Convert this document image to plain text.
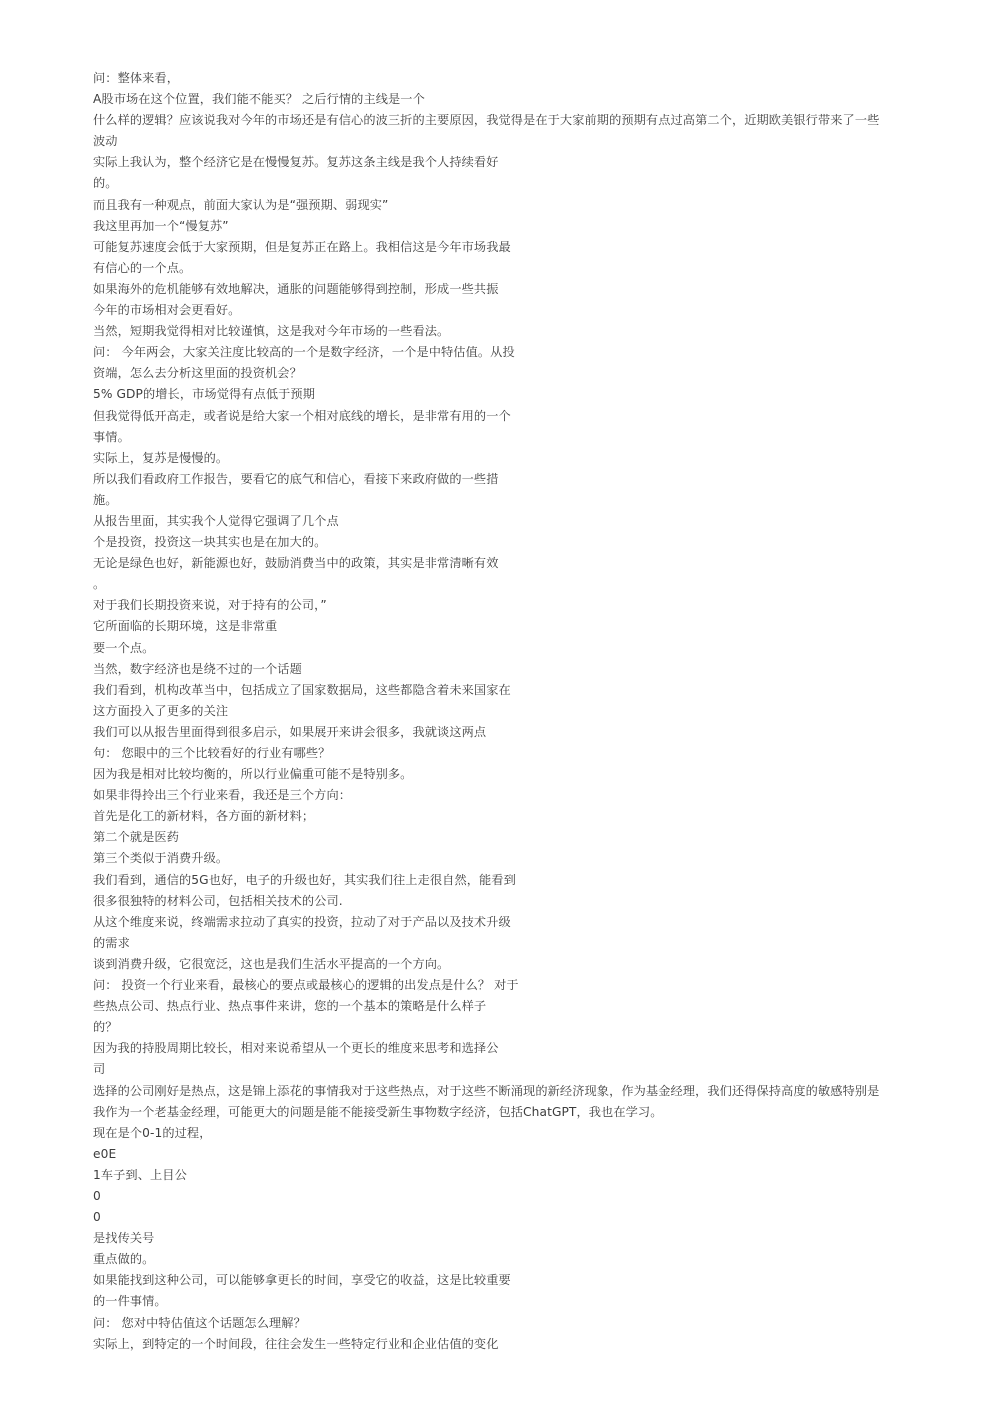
问：整体来看，
A股市场在这个位置，我们能不能买？ 之后行情的主线是一个
什么样的逻辑？应该说我对今年的市场还是有信心的波三折的主要原因，我觉得是在于大家前期的预期有点过高第二个，近期欧美银行带来了一些
波动
实际上我认为，整个经济它是在慢慢复苏。复苏这条主线是我个人持续看好
的。
而且我有一种观点，前面大家认为是“强预期、弱现实”
我这里再加一个“慢复苏”
可能复苏速度会低于大家预期，但是复苏正在路上。我相信这是今年市场我最
有信心的一个点。
如果海外的危机能够有效地解决，通胀的问题能够得到控制，形成一些共振
今年的市场相对会更看好。
当然，短期我觉得相对比较谨慎，这是我对今年市场的一些看法。
问： 今年两会，大家关注度比较高的一个是数字经济，一个是中特估值。从投
资端，怎么去分析这里面的投资机会？
5% GDP的增长，市场觉得有点低于预期
但我觉得低开高走，或者说是给大家一个相对底线的增长，是非常有用的一个
事情。
实际上，复苏是慢慢的。
所以我们看政府工作报告，要看它的底气和信心，看接下来政府做的一些措
施。
从报告里面，其实我个人觉得它强调了几个点
个是投资，投资这一块其实也是在加大的。
无论是绿色也好，新能源也好，鼓励消费当中的政策，其实是非常清晰有效
。
对于我们长期投资来说，对于持有的公司，”
它所面临的长期环境，这是非常重
要一个点。
当然，数字经济也是绕不过的一个话题
我们看到，机构改革当中，包括成立了国家数据局，这些都隐含着未来国家在
这方面投入了更多的关注
我们可以从报告里面得到很多启示，如果展开来讲会很多，我就谈这两点
句： 您眼中的三个比较看好的行业有哪些？
因为我是相对比较均衡的，所以行业偏重可能不是特别多。
如果非得拎出三个行业来看，我还是三个方向：
首先是化工的新材料，各方面的新材料；
第二个就是医药
第三个类似于消费升级。
我们看到，通信的5G也好，电子的升级也好，其实我们往上走很自然，能看到
很多很独特的材料公司，包括相关技术的公司.
从这个维度来说，终端需求拉动了真实的投资，拉动了对于产品以及技术升级
的需求
谈到消费升级，它很宽泛，这也是我们生活水平提高的一个方向。
问： 投资一个行业来看，最核心的要点或最核心的逻辑的出发点是什么？ 对于
些热点公司、热点行业、热点事件来讲，您的一个基本的策略是什么样子
的？
因为我的持股周期比较长，相对来说希望从一个更长的维度来思考和选择公
司
选择的公司刚好是热点，这是锦上添花的事情我对于这些热点，对于这些不断涌现的新经济现象，作为基金经理，我们还得保持高度的敏感特别是
我作为一个老基金经理，可能更大的问题是能不能接受新生事物数字经济，包括ChatGPT，我也在学习。
现在是个0-1的过程，
e0E
1车子到、上目公
0
0
是找传关号
重点做的。
如果能找到这种公司，可以能够拿更长的时间，享受它的收益，这是比较重要
的一件事情。
问： 您对中特估值这个话题怎么理解？
实际上，到特定的一个时间段，往往会发生一些特定行业和企业估值的变化
